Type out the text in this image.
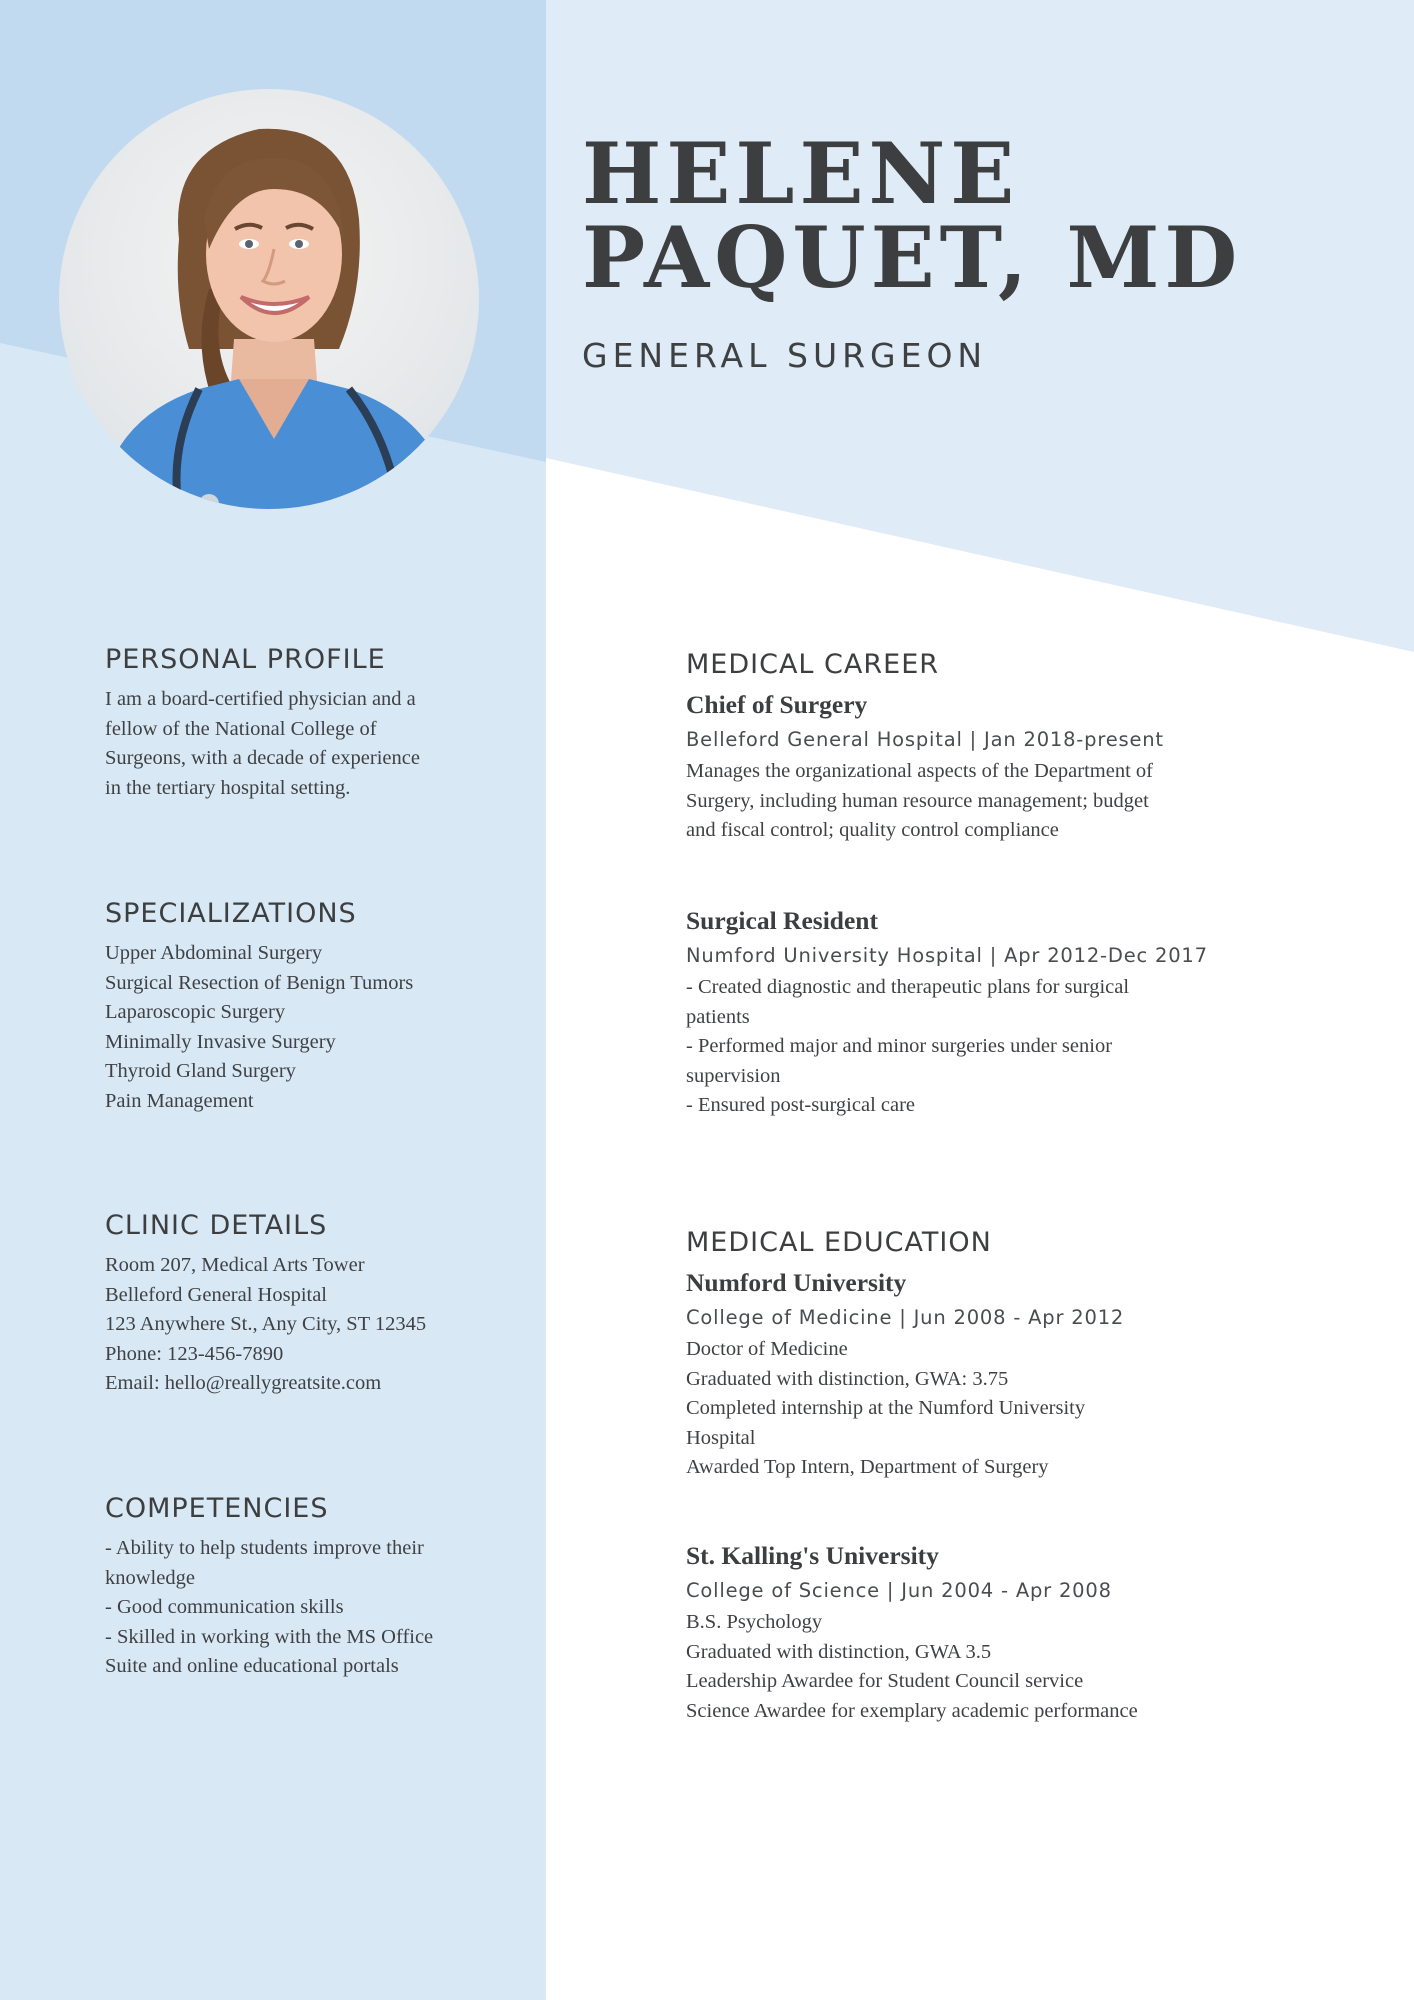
HELENE
PAQUET, MD
GENERAL SURGEON
PERSONAL PROFILE
I am a board-certified physician and a
fellow of the National College of
Surgeons, with a decade of experience
in the tertiary hospital setting.
SPECIALIZATIONS
Upper Abdominal Surgery
Surgical Resection of Benign Tumors
Laparoscopic Surgery
Minimally Invasive Surgery
Thyroid Gland Surgery
Pain Management
CLINIC DETAILS
Room 207, Medical Arts Tower
Belleford General Hospital
123 Anywhere St., Any City, ST 12345
Phone: 123-456-7890
Email: hello@reallygreatsite.com
COMPETENCIES
- Ability to help students improve their
knowledge
- Good communication skills
- Skilled in working with the MS Office
Suite and online educational portals
MEDICAL CAREER
Chief of Surgery
Belleford General Hospital | Jan 2018-present
Manages the organizational aspects of the Department of
Surgery, including human resource management; budget
and fiscal control; quality control compliance
Surgical Resident
Numford University Hospital | Apr 2012-Dec 2017
- Created diagnostic and therapeutic plans for surgical
patients
- Performed major and minor surgeries under senior
supervision
- Ensured post-surgical care
MEDICAL EDUCATION
Numford University
College of Medicine | Jun 2008 - Apr 2012
Doctor of Medicine
Graduated with distinction, GWA: 3.75
Completed internship at the Numford University
Hospital
Awarded Top Intern, Department of Surgery
St. Kalling's University
College of Science | Jun 2004 - Apr 2008
B.S. Psychology
Graduated with distinction, GWA 3.5
Leadership Awardee for Student Council service
Science Awardee for exemplary academic performance
